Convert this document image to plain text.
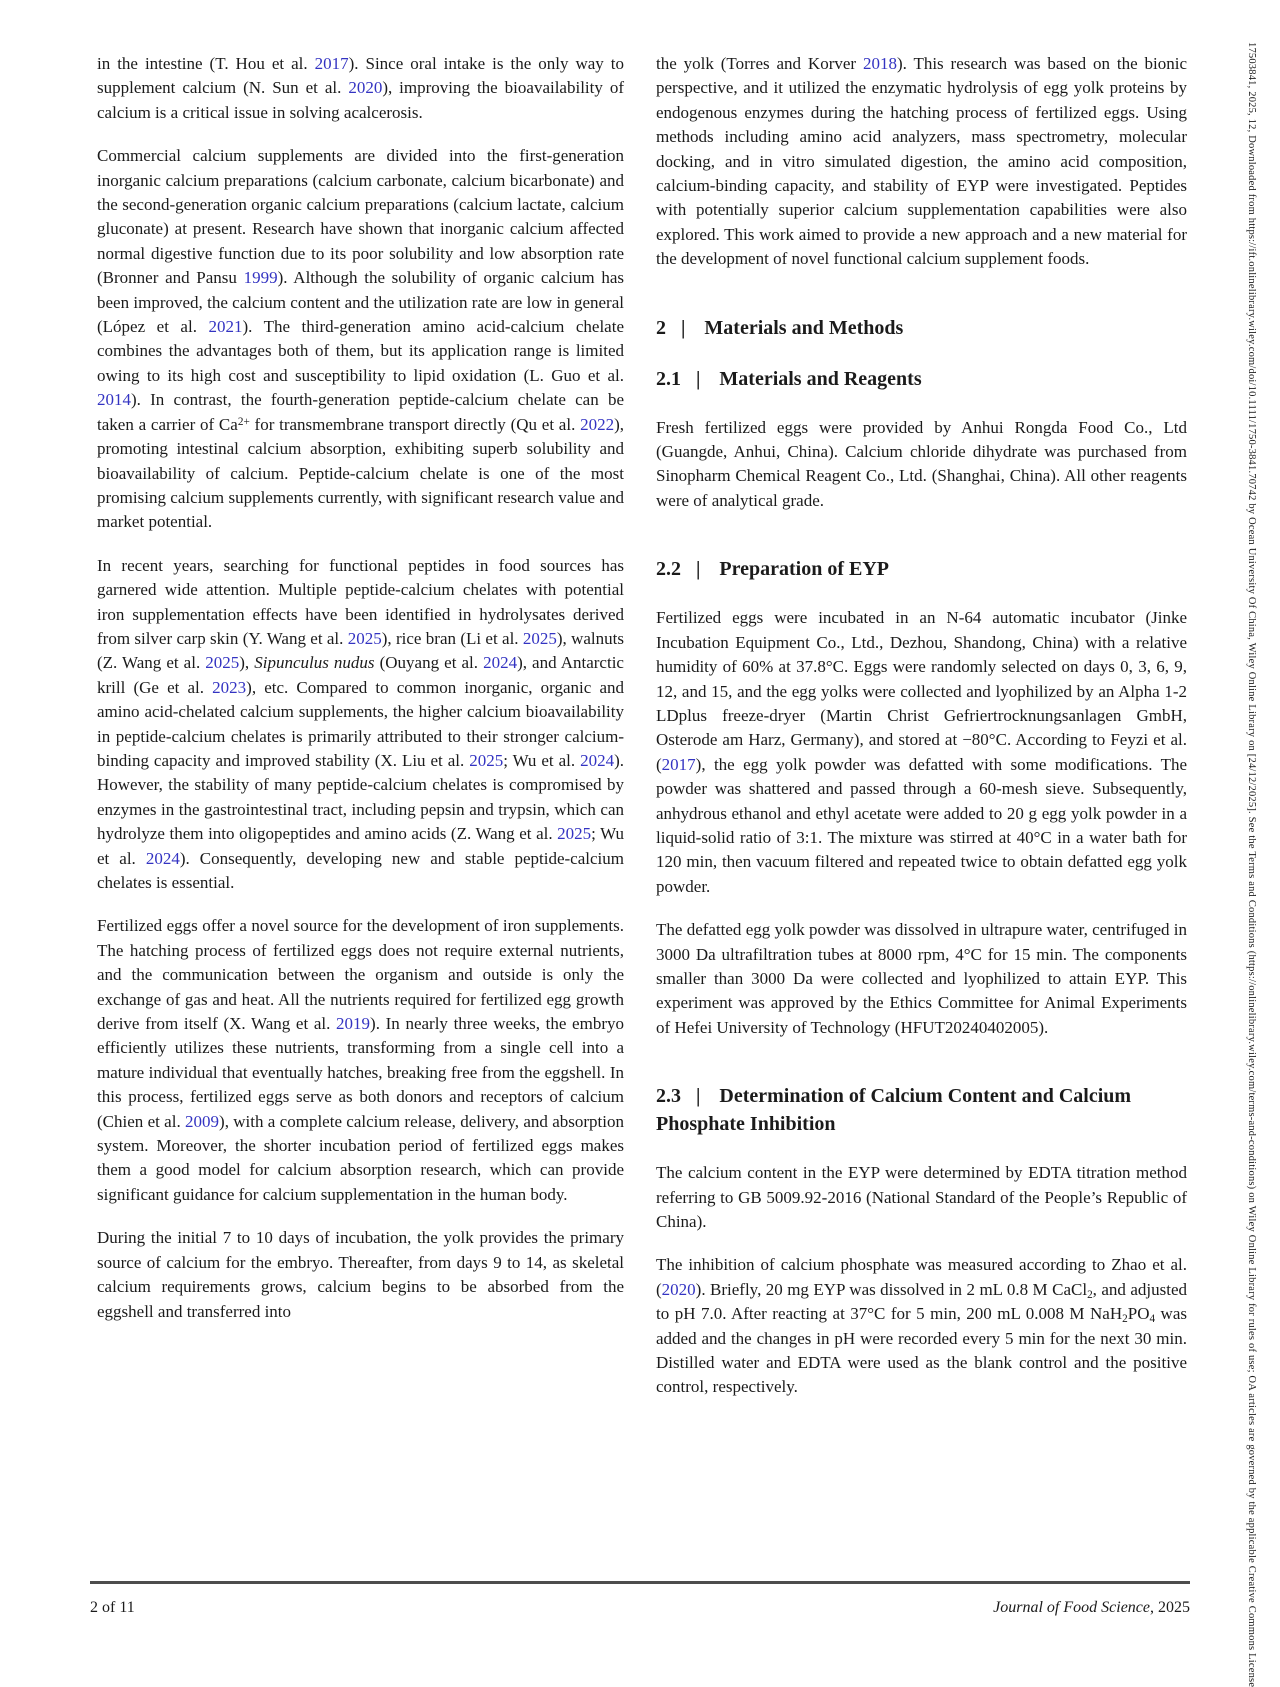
in the intestine (T. Hou et al. 2017). Since oral intake is the only way to supplement calcium (N. Sun et al. 2020), improving the bioavailability of calcium is a critical issue in solving acalcerosis.

Commercial calcium supplements are divided into the first-generation inorganic calcium preparations (calcium carbonate, calcium bicarbonate) and the second-generation organic calcium preparations (calcium lactate, calcium gluconate) at present. Research have shown that inorganic calcium affected normal digestive function due to its poor solubility and low absorption rate (Bronner and Pansu 1999). Although the solubility of organic calcium has been improved, the calcium content and the utilization rate are low in general (López et al. 2021). The third-generation amino acid-calcium chelate combines the advantages both of them, but its application range is limited owing to its high cost and susceptibility to lipid oxidation (L. Guo et al. 2014). In contrast, the fourth-generation peptide-calcium chelate can be taken a carrier of $Ca^{2+}$ for transmembrane transport directly (Qu et al. 2022), promoting intestinal calcium absorption, exhibiting superb solubility and bioavailability of calcium. Peptide-calcium chelate is one of the most promising calcium supplements currently, with significant research value and market potential.

In recent years, searching for functional peptides in food sources has garnered wide attention. Multiple peptide-calcium chelates with potential iron supplementation effects have been identified in hydrolysates derived from silver carp skin (Y. Wang et al. 2025), rice bran (Li et al. 2025), walnuts (Z. Wang et al. 2025), Sipunculus nudus (Ouyang et al. 2024), and Antarctic krill (Ge et al. 2023), etc. Compared to common inorganic, organic and amino acid-chelated calcium supplements, the higher calcium bioavailability in peptide-calcium chelates is primarily attributed to their stronger calcium-binding capacity and improved stability (X. Liu et al. 2025; Wu et al. 2024). However, the stability of many peptide-calcium chelates is compromised by enzymes in the gastrointestinal tract, including pepsin and trypsin, which can hydrolyze them into oligopeptides and amino acids (Z. Wang et al. 2025; Wu et al. 2024). Consequently, developing new and stable peptide-calcium chelates is essential.

Fertilized eggs offer a novel source for the development of iron supplements. The hatching process of fertilized eggs does not require external nutrients, and the communication between the organism and outside is only the exchange of gas and heat. All the nutrients required for fertilized egg growth derive from itself (X. Wang et al. 2019). In nearly three weeks, the embryo efficiently utilizes these nutrients, transforming from a single cell into a mature individual that eventually hatches, breaking free from the eggshell. In this process, fertilized eggs serve as both donors and receptors of calcium (Chien et al. 2009), with a complete calcium release, delivery, and absorption system. Moreover, the shorter incubation period of fertilized eggs makes them a good model for calcium absorption research, which can provide significant guidance for calcium supplementation in the human body.

During the initial 7 to 10 days of incubation, the yolk provides the primary source of calcium for the embryo. Thereafter, from days 9 to 14, as skeletal calcium requirements grows, calcium begins to be absorbed from the eggshell and transferred into

the yolk (Torres and Korver 2018). This research was based on the bionic perspective, and it utilized the enzymatic hydrolysis of egg yolk proteins by endogenous enzymes during the hatching process of fertilized eggs. Using methods including amino acid analyzers, mass spectrometry, molecular docking, and in vitro simulated digestion, the amino acid composition, calcium-binding capacity, and stability of EYP were investigated. Peptides with potentially superior calcium supplementation capabilities were also explored. This work aimed to provide a new approach and a new material for the development of novel functional calcium supplement foods.

2 | Materials and Methods
2.1 | Materials and Reagents

Fresh fertilized eggs were provided by Anhui Rongda Food Co., Ltd (Guangde, Anhui, China). Calcium chloride dihydrate was purchased from Sinopharm Chemical Reagent Co., Ltd. (Shanghai, China). All other reagents were of analytical grade.

2.2 | Preparation of EYP

Fertilized eggs were incubated in an N-64 automatic incubator (Jinke Incubation Equipment Co., Ltd., Dezhou, Shandong, China) with a relative humidity of 60% at 37.8°C. Eggs were randomly selected on days 0, 3, 6, 9, 12, and 15, and the egg yolks were collected and lyophilized by an Alpha 1-2 LDplus freeze-dryer (Martin Christ Gefriertrocknungsanlagen GmbH, Osterode am Harz, Germany), and stored at −80°C. According to Feyzi et al. (2017), the egg yolk powder was defatted with some modifications. The powder was shattered and passed through a 60-mesh sieve. Subsequently, anhydrous ethanol and ethyl acetate were added to 20 g egg yolk powder in a liquid-solid ratio of 3:1. The mixture was stirred at 40°C in a water bath for 120 min, then vacuum filtered and repeated twice to obtain defatted egg yolk powder.

The defatted egg yolk powder was dissolved in ultrapure water, centrifuged in 3000 Da ultrafiltration tubes at 8000 rpm, 4°C for 15 min. The components smaller than 3000 Da were collected and lyophilized to attain EYP. This experiment was approved by the Ethics Committee for Animal Experiments of Hefei University of Technology (HFUT20240402005).

2.3 | Determination of Calcium Content and Calcium Phosphate Inhibition

The calcium content in the EYP were determined by EDTA titration method referring to GB 5009.92-2016 (National Standard of the People’s Republic of China).

The inhibition of calcium phosphate was measured according to Zhao et al. (2020). Briefly, 20 mg EYP was dissolved in 2 mL 0.8 M CaCl$_2$, and adjusted to pH 7.0. After reacting at 37°C for 5 min, 200 mL 0.008 M $NaH_2PO_4$ was added and the changes in pH were recorded every 5 min for the next 30 min. Distilled water and EDTA were used as the blank control and the positive control, respectively.	17503841, 2025, 12, Downloaded from https://ift.onlinelibrary.wiley.com/doi/10.1111/1750-3841.70742 by Ocean University Of China, Wiley Online Library on [24/12/2025]. See the Terms and Conditions (https://onlinelibrary.wiley.com/terms-and-conditions) on Wiley Online Library for rules of use; OA articles are governed by the applicable Creative Commons License
2 of 11	Journal of Food Science, 2025
